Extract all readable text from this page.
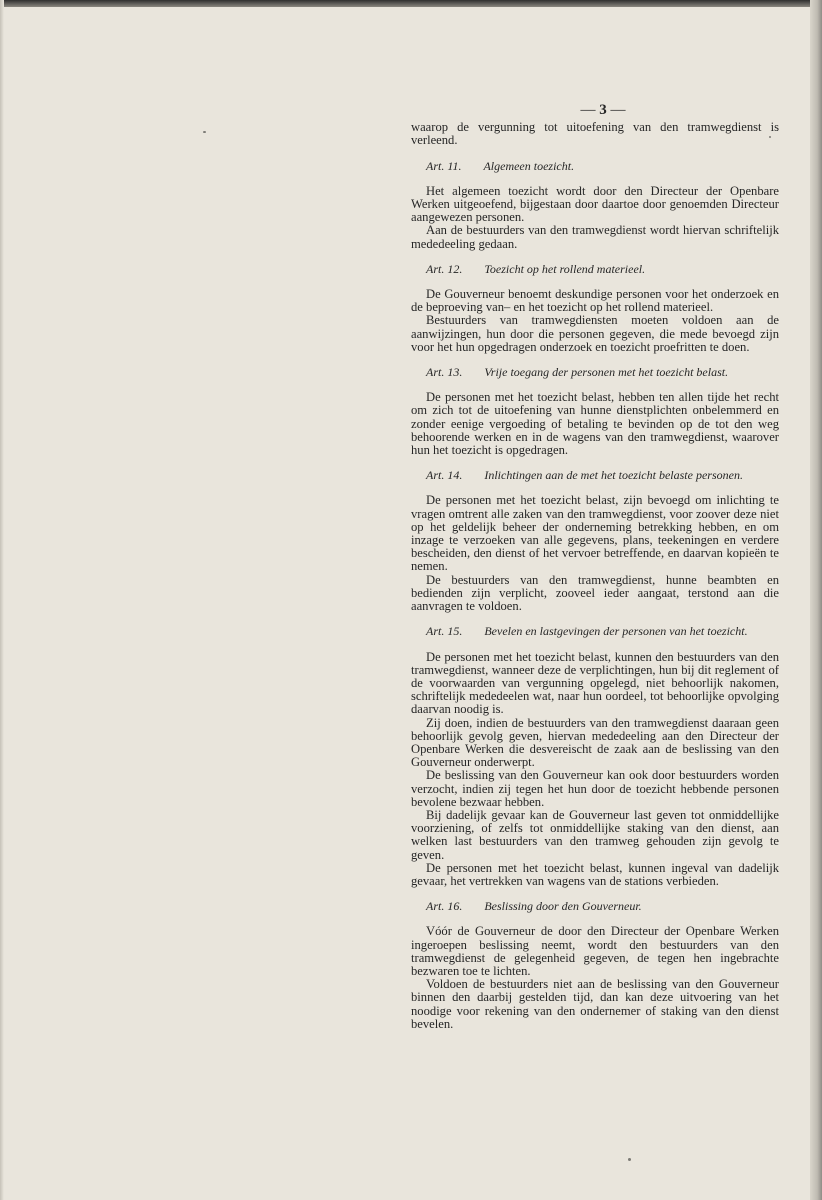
— 3 —

waarop de vergunning tot uitoefening van den tramwegdienst is verleend.

Art. 11. Algemeen toezicht.

Het algemeen toezicht wordt door den Directeur der Openbare Werken uitgeoefend, bijgestaan door daartoe door genoemden Directeur aangewezen personen.

Aan de bestuurders van den tramwegdienst wordt hiervan schriftelijk mededeeling gedaan.

Art. 12. Toezicht op het rollend materieel.

De Gouverneur benoemt deskundige personen voor het onderzoek en de beproeving van– en het toezicht op het rollend materieel.

Bestuurders van tramwegdiensten moeten voldoen aan de aanwijzingen, hun door die personen gegeven, die mede bevoegd zijn voor het hun opgedragen onderzoek en toezicht proefritten te doen.

Art. 13. Vrije toegang der personen met het toezicht belast.

De personen met het toezicht belast, hebben ten allen tijde het recht om zich tot de uitoefening van hunne dienstplichten onbelemmerd en zonder eenige vergoeding of betaling te bevinden op de tot den weg behoorende werken en in de wagens van den tramwegdienst, waarover hun het toezicht is opgedragen.

Art. 14. Inlichtingen aan de met het toezicht belaste personen.

De personen met het toezicht belast, zijn bevoegd om inlichting te vragen omtrent alle zaken van den tramwegdienst, voor zoover deze niet op het geldelijk beheer der onderneming betrekking hebben, en om inzage te verzoeken van alle gegevens, plans, teekeningen en verdere bescheiden, den dienst of het vervoer betreffende, en daarvan kopieën te nemen.

De bestuurders van den tramwegdienst, hunne beambten en bedienden zijn verplicht, zooveel ieder aangaat, terstond aan die aanvragen te voldoen.

Art. 15. Bevelen en lastgevingen der personen van het toezicht.

De personen met het toezicht belast, kunnen den bestuurders van den tramwegdienst, wanneer deze de verplichtingen, hun bij dit reglement of de voorwaarden van vergunning opgelegd, niet behoorlijk nakomen, schriftelijk mededeelen wat, naar hun oordeel, tot behoorlijke opvolging daarvan noodig is.

Zij doen, indien de bestuurders van den tramwegdienst daaraan geen behoorlijk gevolg geven, hiervan mededeeling aan den Directeur der Openbare Werken die desvereischt de zaak aan de beslissing van den Gouverneur onderwerpt.

De beslissing van den Gouverneur kan ook door bestuurders worden verzocht, indien zij tegen het hun door de toezicht hebbende personen bevolene bezwaar hebben.

Bij dadelijk gevaar kan de Gouverneur last geven tot onmiddellijke voorziening, of zelfs tot onmiddellijke staking van den dienst, aan welken last bestuurders van den tramweg gehouden zijn gevolg te geven.

De personen met het toezicht belast, kunnen ingeval van dadelijk gevaar, het vertrekken van wagens van de stations verbieden.

Art. 16. Beslissing door den Gouverneur.

Vóór de Gouverneur de door den Directeur der Openbare Werken ingeroepen beslissing neemt, wordt den bestuurders van den tramwegdienst de gelegenheid gegeven, de tegen hen ingebrachte bezwaren toe te lichten.

Voldoen de bestuurders niet aan de beslissing van den Gouverneur binnen den daarbij gestelden tijd, dan kan deze uitvoering van het noodige voor rekening van den ondernemer of staking van den dienst bevelen.
